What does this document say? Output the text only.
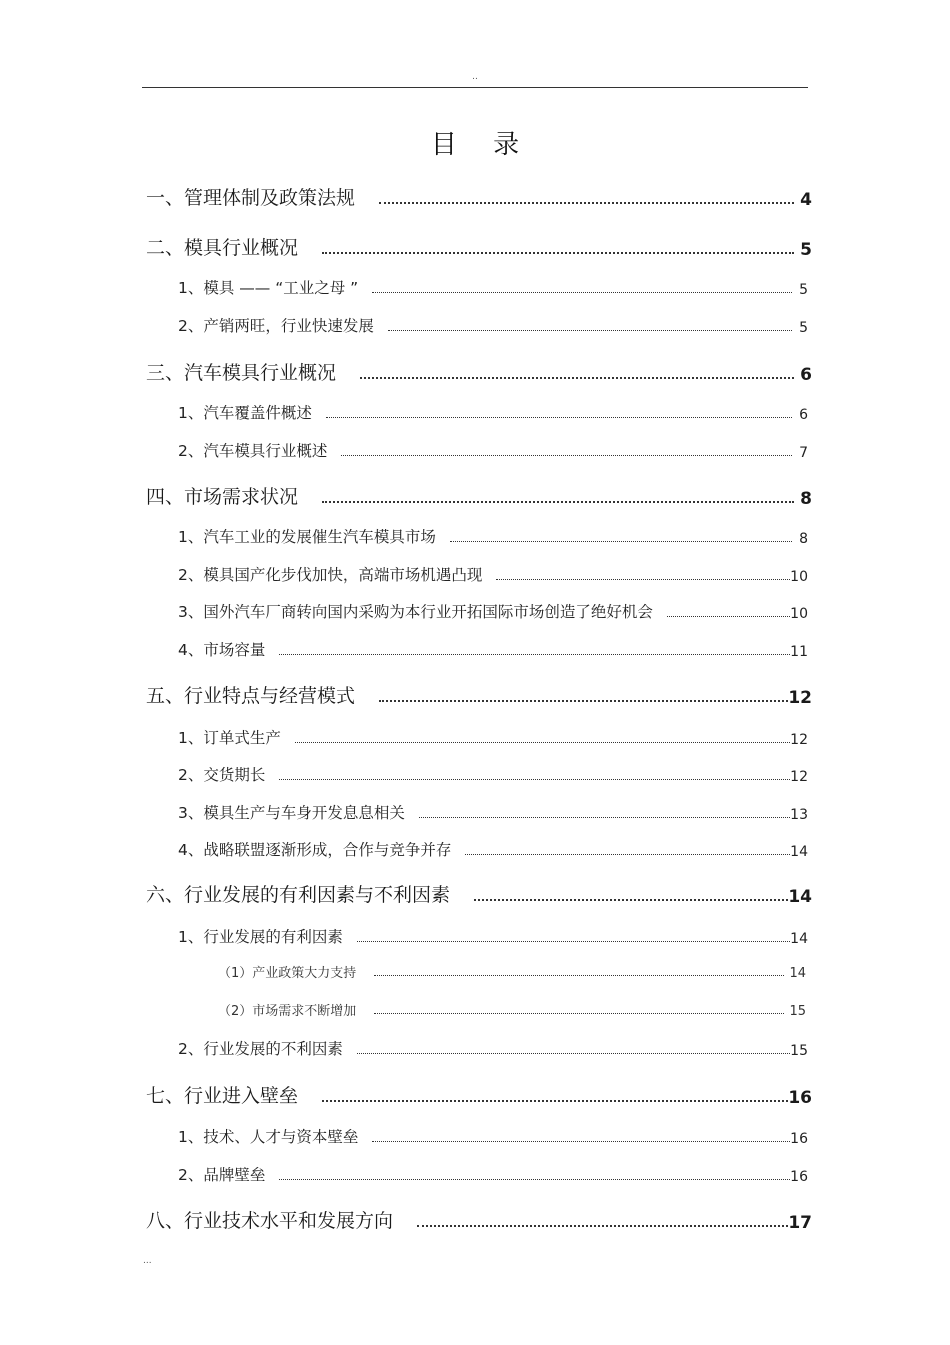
..
目 录
一、管理体制及政策法规	4
二、模具行业概况	5
1、模具 —— “工业之母 ”	5
2、产销两旺，行业快速发展	5
三、汽车模具行业概况	6
1、汽车覆盖件概述	6
2、汽车模具行业概述	7
四、市场需求状况	8
1、汽车工业的发展催生汽车模具市场	8
2、模具国产化步伐加快，高端市场机遇凸现	10
3、国外汽车厂商转向国内采购为本行业开拓国际市场创造了绝好机会	10
4、市场容量	11
五、行业特点与经营模式	12
1、订单式生产	12
2、交货期长	12
3、模具生产与车身开发息息相关	13
4、战略联盟逐渐形成，合作与竞争并存	14
六、行业发展的有利因素与不利因素	14
1、行业发展的有利因素	14
（1）产业政策大力支持	14
（2）市场需求不断增加	15
2、行业发展的不利因素	15
七、行业进入壁垒	16
1、技术、人才与资本壁垒	16
2、品牌壁垒	16
八、行业技术水平和发展方向	17
...
